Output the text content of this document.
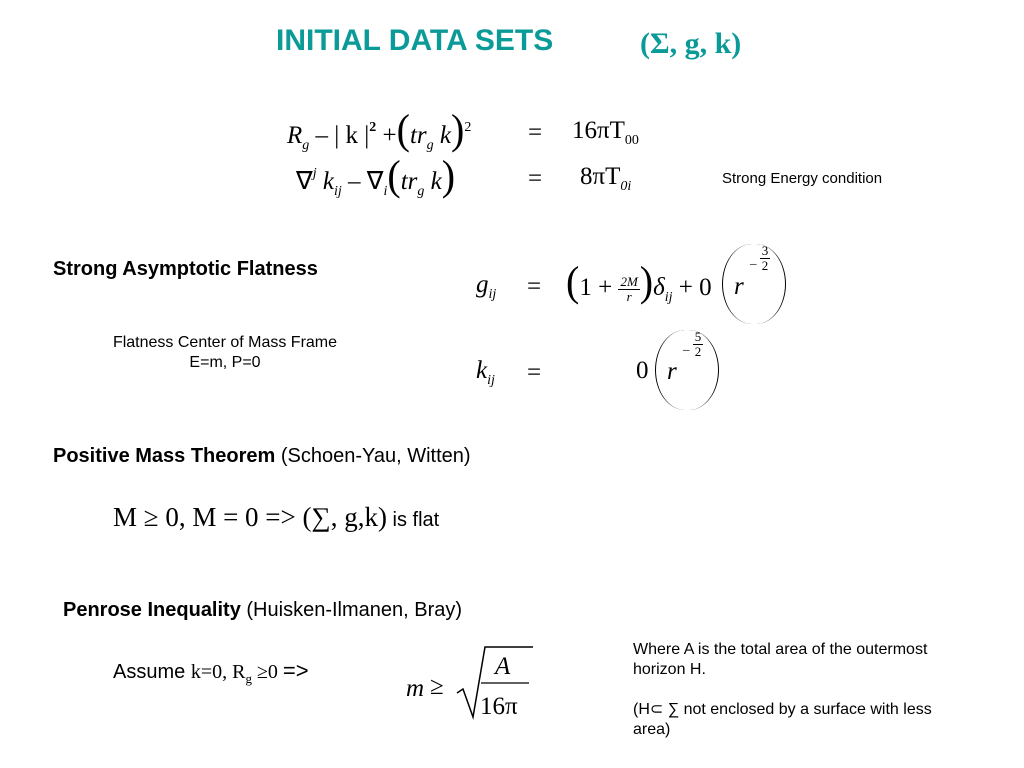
INITIAL DATA SETS	(Σ, g, k)
$R_g$ – | k $|^2 +(tr_g$ $k)^2 = 16\pi T_{00}$
∇$^j$ $k_{ij} - \nabla_i(tr_g$ k)	= $8\pi T_{0i}$	Strong Energy condition
Strong Asymptotic Flatness
Flatness Center of Mass Frame
E=m, P=0
$g_{ij} = (1 + \frac{2M}{r} )\delta_{ij} + 0$ r
– $\frac{3}{2}$
$k_{ij}$ =	0 r
– $\frac{5}{2}$
Positive Mass Theorem (Schoen-Yau, Witten)
M ≥ 0, M = 0 => (∑, g,k) is flat
Penrose Inequality (Huisken-Ilmanen, Bray)
Assume k=0, $R_g \ge 0$ =>
m ≥
A
16π
Where A is the total area of the outermost horizon H.
(H⊂ ∑ not enclosed by a surface with less area)
